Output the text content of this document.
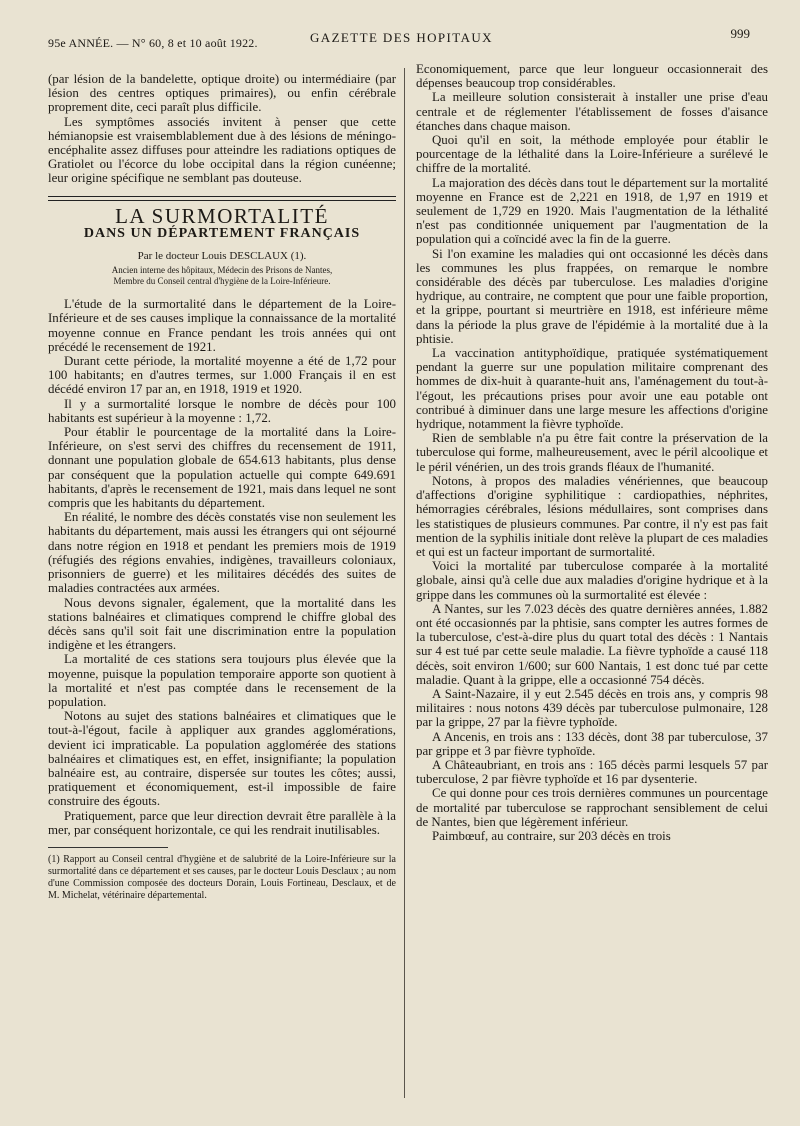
95e ANNÉE. — N° 60, 8 et 10 août 1922.	GAZETTE DES HOPITAUX	999

(par lésion de la bandelette, optique droite) ou intermédiaire (par lésion des centres optiques primaires), ou enfin cérébrale proprement dite, ceci paraît plus difficile.

Les symptômes associés invitent à penser que cette hémianopsie est vraisemblablement due à des lésions de méningo-encéphalite assez diffuses pour atteindre les radiations optiques de Gratiolet ou l'écorce du lobe occipital dans la région cunéenne; leur origine spécifique ne semblant pas douteuse.

LA SURMORTALITÉ
DANS UN DÉPARTEMENT FRANÇAIS
Par le docteur Louis DESCLAUX (1).
Ancien interne des hôpitaux, Médecin des Prisons de Nantes,
Membre du Conseil central d'hygiène de la Loire-Inférieure.

L'étude de la surmortalité dans le département de la Loire-Inférieure et de ses causes implique la connaissance de la mortalité moyenne connue en France pendant les trois années qui ont précédé le recensement de 1921.

Durant cette période, la mortalité moyenne a été de 1,72 pour 100 habitants; en d'autres termes, sur 1.000 Français il en est décédé environ 17 par an, en 1918, 1919 et 1920.

Il y a surmortalité lorsque le nombre de décès pour 100 habitants est supérieur à la moyenne : 1,72.

Pour établir le pourcentage de la mortalité dans la Loire-Inférieure, on s'est servi des chiffres du recensement de 1911, donnant une population globale de 654.613 habitants, plus dense par conséquent que la population actuelle qui compte 649.691 habitants, d'après le recensement de 1921, mais dans lequel ne sont compris que les habitants du département.

En réalité, le nombre des décès constatés vise non seulement les habitants du département, mais aussi les étrangers qui ont séjourné dans notre région en 1918 et pendant les premiers mois de 1919 (réfugiés des régions envahies, indigènes, travailleurs coloniaux, prisonniers de guerre) et les militaires décédés des suites de maladies contractées aux armées.

Nous devons signaler, également, que la mortalité dans les stations balnéaires et climatiques comprend le chiffre global des décès sans qu'il soit fait une discrimination entre la population indigène et les étrangers.

La mortalité de ces stations sera toujours plus élevée que la moyenne, puisque la population temporaire apporte son quotient à la mortalité et n'est pas comptée dans le recensement de la population.

Notons au sujet des stations balnéaires et climatiques que le tout-à-l'égout, facile à appliquer aux grandes agglomérations, devient ici impraticable. La population agglomérée des stations balnéaires et climatiques est, en effet, insignifiante; la population balnéaire est, au contraire, dispersée sur toutes les côtes; aussi, pratiquement et économiquement, est-il impossible de faire construire des égouts.

Pratiquement, parce que leur direction devrait être parallèle à la mer, par conséquent horizontale, ce qui les rendrait inutilisables.

(1) Rapport au Conseil central d'hygiène et de salubrité de la Loire-Inférieure sur la surmortalité dans ce département et ses causes, par le docteur Louis Desclaux ; au nom d'une Commission composée des docteurs Dorain, Louis Fortineau, Desclaux, et de M. Michelat, vétérinaire départemental.

Economiquement, parce que leur longueur occasionnerait des dépenses beaucoup trop considérables.

La meilleure solution consisterait à installer une prise d'eau centrale et de réglementer l'établissement de fosses d'aisance étanches dans chaque maison.

Quoi qu'il en soit, la méthode employée pour établir le pourcentage de la léthalité dans la Loire-Inférieure a surélevé le chiffre de la mortalité.

La majoration des décès dans tout le département sur la mortalité moyenne en France est de 2,221 en 1918, de 1,97 en 1919 et seulement de 1,729 en 1920. Mais l'augmentation de la léthalité n'est pas conditionnée uniquement par l'augmentation de la population qui a coïncidé avec la fin de la guerre.

Si l'on examine les maladies qui ont occasionné les décès dans les communes les plus frappées, on remarque le nombre considérable des décès par tuberculose. Les maladies d'origine hydrique, au contraire, ne comptent que pour une faible proportion, et la grippe, pourtant si meurtrière en 1918, est inférieure même dans la période la plus grave de l'épidémie à la mortalité due à la phtisie.

La vaccination antityphoïdique, pratiquée systématiquement pendant la guerre sur une population militaire comprenant des hommes de dix-huit à quarante-huit ans, l'aménagement du tout-à-l'égout, les précautions prises pour avoir une eau potable ont contribué à diminuer dans une large mesure les affections d'origine hydrique, notamment la fièvre typhoïde.

Rien de semblable n'a pu être fait contre la préservation de la tuberculose qui forme, malheureusement, avec le péril alcoolique et le péril vénérien, un des trois grands fléaux de l'humanité.

Notons, à propos des maladies vénériennes, que beaucoup d'affections d'origine syphilitique : cardiopathies, néphrites, hémorragies cérébrales, lésions médullaires, sont comprises dans les statistiques de plusieurs communes. Par contre, il n'y est pas fait mention de la syphilis initiale dont relève la plupart de ces maladies et qui est un facteur important de surmortalité.

Voici la mortalité par tuberculose comparée à la mortalité globale, ainsi qu'à celle due aux maladies d'origine hydrique et à la grippe dans les communes où la surmortalité est élevée :

A Nantes, sur les 7.023 décès des quatre dernières années, 1.882 ont été occasionnés par la phtisie, sans compter les autres formes de la tuberculose, c'est-à-dire plus du quart total des décès : 1 Nantais sur 4 est tué par cette seule maladie. La fièvre typhoïde a causé 118 décès, soit environ 1/600; sur 600 Nantais, 1 est donc tué par cette maladie. Quant à la grippe, elle a occasionné 754 décès.

A Saint-Nazaire, il y eut 2.545 décès en trois ans, y compris 98 militaires : nous notons 439 décès par tuberculose pulmonaire, 128 par la grippe, 27 par la fièvre typhoïde.

A Ancenis, en trois ans : 133 décès, dont 38 par tuberculose, 37 par grippe et 3 par fièvre typhoïde.

A Châteaubriant, en trois ans : 165 décès parmi lesquels 57 par tuberculose, 2 par fièvre typhoïde et 16 par dysenterie.

Ce qui donne pour ces trois dernières communes un pourcentage de mortalité par tuberculose se rapprochant sensiblement de celui de Nantes, bien que légèrement inférieur.

Paimbœuf, au contraire, sur 203 décès en trois
